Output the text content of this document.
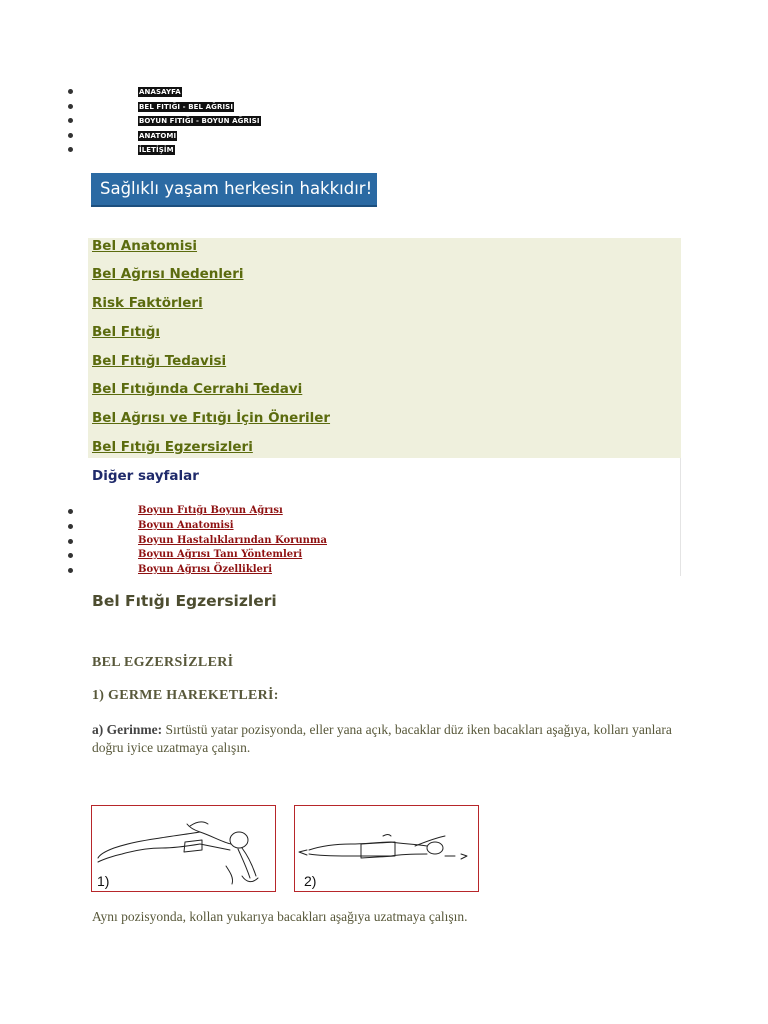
ANASAYFA
BEL FITIĞI - BEL AĞRISI
BOYUN FITIĞI - BOYUN AĞRISI
ANATOMI
İLETİŞİM
Sağlıklı yaşam herkesin hakkıdır!
Bel Anatomisi
Bel Ağrısı Nedenleri
Risk Faktörleri
Bel Fıtığı
Bel Fıtığı Tedavisi
Bel Fıtığında Cerrahi Tedavi
Bel Ağrısı ve Fıtığı İçin Öneriler
Bel Fıtığı Egzersizleri
Diğer sayfalar
Boyun Fıtığı Boyun Ağrısı
Boyun Anatomisi
Boyun Hastalıklarından Korunma
Boyun Ağrısı Tanı Yöntemleri
Boyun Ağrısı Özellikleri
Bel Fıtığı Egzersizleri
BEL EGZERSİZLERİ
1) GERME HAREKETLERİ:
a) Gerinme: Sırtüstü yatar pozisyonda, eller yana açık, bacaklar düz iken bacakları aşağıya, kolları yanlara doğru iyice uzatmaya çalışın.
1)	2)
Aynı pozisyonda, kollan yukarıya bacakları aşağıya uzatmaya çalışın.
